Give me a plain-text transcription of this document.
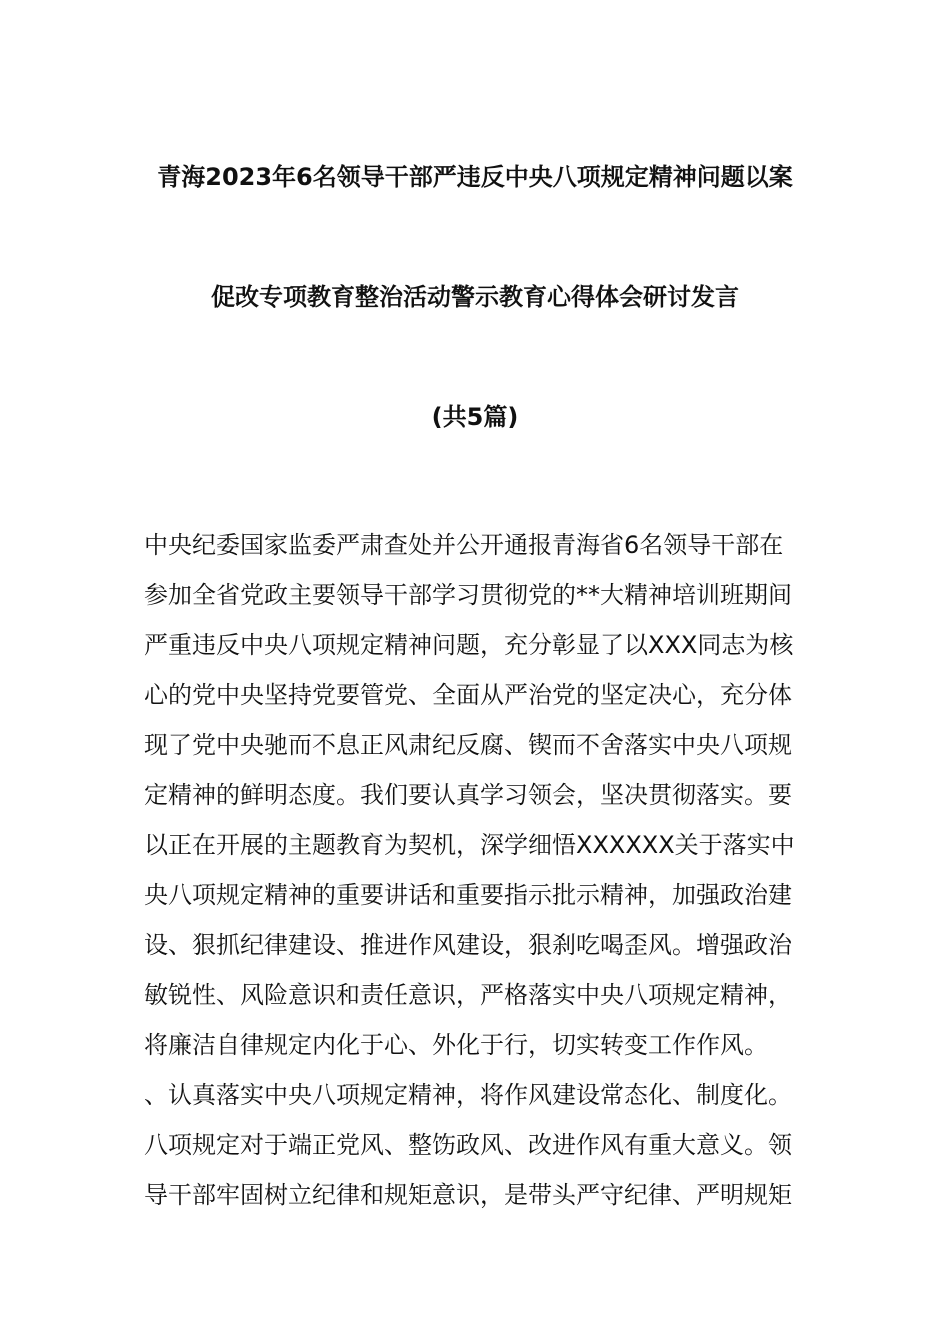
青海2023年6名领导干部严违反中央八项规定精神问题以案
促改专项教育整治活动警示教育心得体会研讨发言
(共5篇)
中央纪委国家监委严肃查处并公开通报青海省6名领导干部在
参加全省党政主要领导干部学习贯彻党的**大精神培训班期间
严重违反中央八项规定精神问题，充分彰显了以XXX同志为核
心的党中央坚持党要管党、全面从严治党的坚定决心，充分体
现了党中央驰而不息正风肃纪反腐、锲而不舍落实中央八项规
定精神的鲜明态度。我们要认真学习领会，坚决贯彻落实。要
以正在开展的主题教育为契机，深学细悟XXXXXX关于落实中
央八项规定精神的重要讲话和重要指示批示精神，加强政治建
设、狠抓纪律建设、推进作风建设，狠刹吃喝歪风。增强政治
敏锐性、风险意识和责任意识，严格落实中央八项规定精神，
将廉洁自律规定内化于心、外化于行，切实转变工作作风。
、认真落实中央八项规定精神，将作风建设常态化、制度化。
八项规定对于端正党风、整饬政风、改进作风有重大意义。领
导干部牢固树立纪律和规矩意识，是带头严守纪律、严明规矩
